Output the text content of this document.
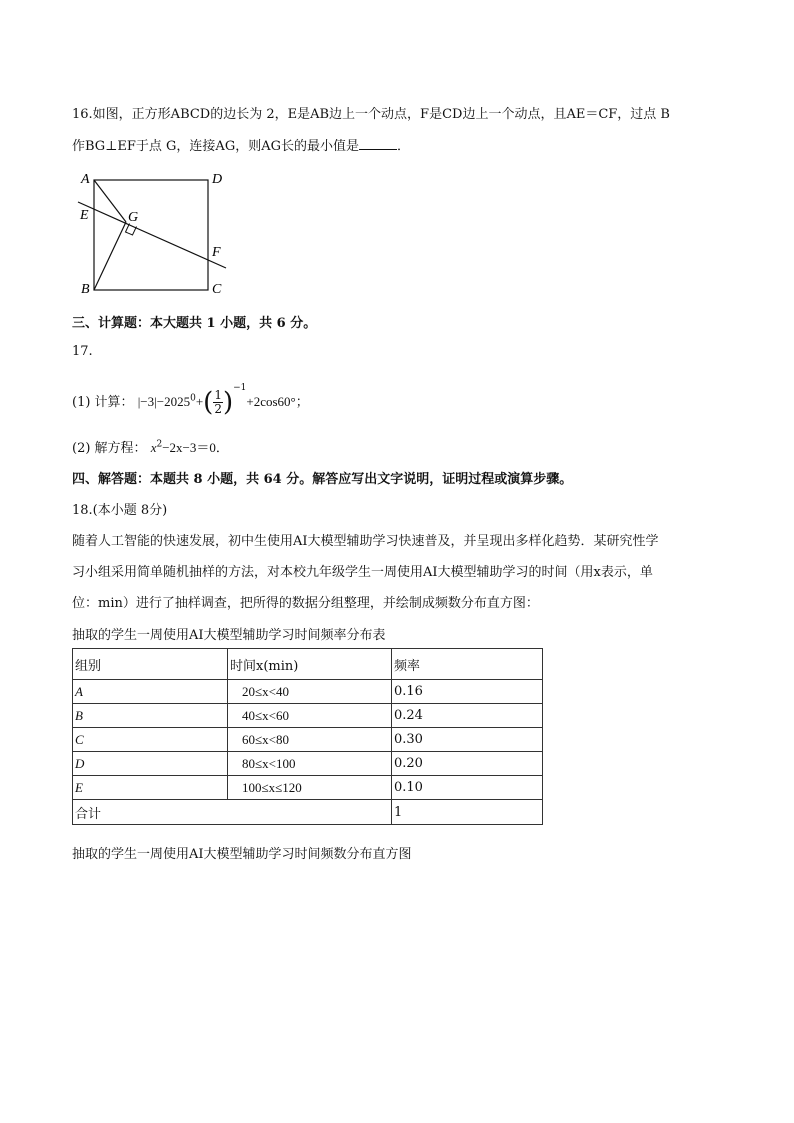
16.如图，正方形ABCD的边长为 2，E是AB边上一个动点，F是CD边上一个动点，且AE＝CF，过点 B
作BG⊥EF于点 G，连接AG，则AG长的最小值是	．
A	D
E	G
F
B	C
三、计算题：本大题共 1 小题，共 6 分。
17.
(1) 计算： $|-3|-2025^0+( \frac{1}{2} )^{-1}+2\cos 60^\circ$；
(2) 解方程： $x^2-2x-3=0$．
四、解答题：本题共 8 小题，共 64 分。解答应写出文字说明，证明过程或演算步骤。
18.(本小题 8分)
随着人工智能的快速发展，初中生使用AI大模型辅助学习快速普及，并呈现出多样化趋势．某研究性学
习小组采用简单随机抽样的方法，对本校九年级学生一周使用AI大模型辅助学习的时间（用x表示，单
位：min）进行了抽样调查，把所得的数据分组整理，并绘制成频数分布直方图：
抽取的学生一周使用AI大模型辅助学习时间频率分布表
组别	时间x(min)	频率
A	20≤x<40	0.16
B	40≤x<60	0.24
C	60≤x<80	0.30
D	80≤x<100	0.20
E	100≤x≤120	0.10
合计		1
抽取的学生一周使用AI大模型辅助学习时间频数分布直方图
